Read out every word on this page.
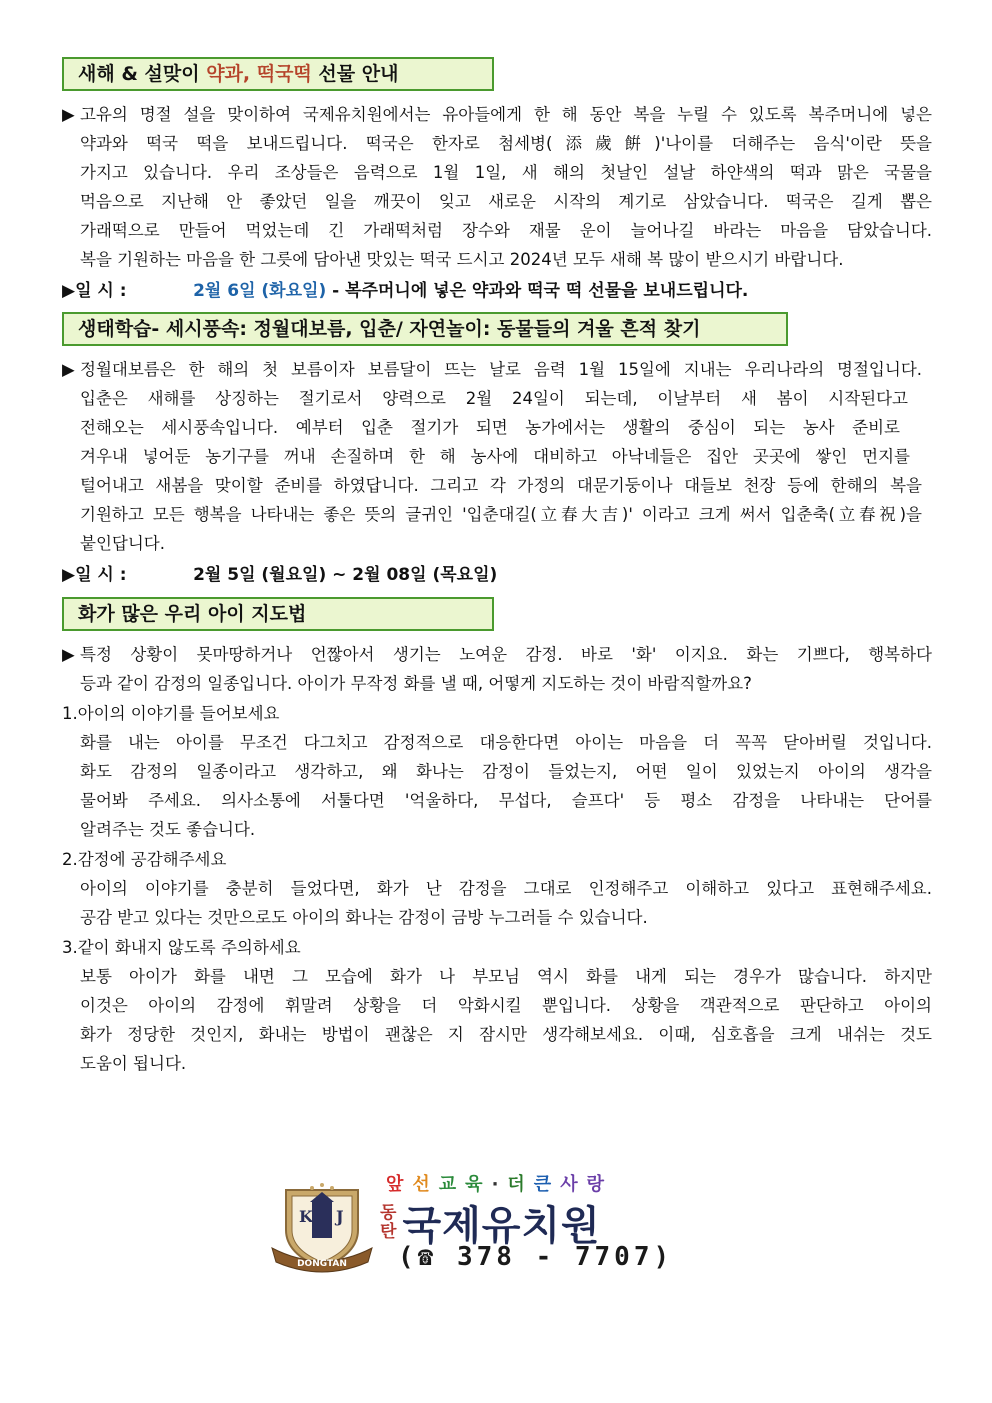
새해 & 설맞이 약과, 떡국떡 선물 안내
▶ 고유의 명절 설을 맞이하여 국제유치원에서는 유아들에게 한 해 동안 복을 누릴 수 있도록 복주머니에 넣은
약과와 떡국 떡을 보내드립니다. 떡국은 한자로 첨세병(添歲餠)'나이를 더해주는 음식'이란 뜻을
가지고 있습니다. 우리 조상들은 음력으로 1월 1일, 새 해의 첫날인 설날 하얀색의 떡과 맑은 국물을
먹음으로 지난해 안 좋았던 일을 깨끗이 잊고 새로운 시작의 계기로 삼았습니다. 떡국은 길게 뽑은
가래떡으로 만들어 먹었는데 긴 가래떡처럼 장수와 재물 운이 늘어나길 바라는 마음을 담았습니다.
복을 기원하는 마음을 한 그릇에 담아낸 맛있는 떡국 드시고 2024년 모두 새해 복 많이 받으시기 바랍니다.
▶일 시 :	2월 6일 (화요일) - 복주머니에 넣은 약과와 떡국 떡 선물을 보내드립니다.
생태학습- 세시풍속: 정월대보름, 입춘/ 자연놀이: 동물들의 겨울 흔적 찾기
▶ 정월대보름은 한 해의 첫 보름이자 보름달이 뜨는 날로 음력 1월 15일에 지내는 우리나라의 명절입니다.
입춘은 새해를 상징하는 절기로서 양력으로 2월 24일이 되는데, 이날부터 새 봄이 시작된다고
전해오는 세시풍속입니다. 예부터 입춘 절기가 되면 농가에서는 생활의 중심이 되는 농사 준비로
겨우내 넣어둔 농기구를 꺼내 손질하며 한 해 농사에 대비하고 아낙네들은 집안 곳곳에 쌓인 먼지를
털어내고 새봄을 맞이할 준비를 하였답니다. 그리고 각 가정의 대문기둥이나 대들보 천장 등에 한해의 복을
기원하고 모든 행복을 나타내는 좋은 뜻의 글귀인 '입춘대길(立春大吉)' 이라고 크게 써서 입춘축(立春祝)을
붙인답니다.
▶일 시 :	2월 5일 (월요일) ~ 2월 08일 (목요일)
화가 많은 우리 아이 지도법
▶ 특정 상황이 못마땅하거나 언짢아서 생기는 노여운 감정. 바로 '화' 이지요. 화는 기쁘다, 행복하다
등과 같이 감정의 일종입니다. 아이가 무작정 화를 낼 때, 어떻게 지도하는 것이 바람직할까요?
1.아이의 이야기를 들어보세요
화를 내는 아이를 무조건 다그치고 감정적으로 대응한다면 아이는 마음을 더 꼭꼭 닫아버릴 것입니다.
화도 감정의 일종이라고 생각하고, 왜 화나는 감정이 들었는지, 어떤 일이 있었는지 아이의 생각을
물어봐 주세요. 의사소통에 서툴다면 '억울하다, 무섭다, 슬프다' 등 평소 감정을 나타내는 단어를
알려주는 것도 좋습니다.
2.감정에 공감해주세요
아이의 이야기를 충분히 들었다면, 화가 난 감정을 그대로 인정해주고 이해하고 있다고 표현해주세요.
공감 받고 있다는 것만으로도 아이의 화나는 감정이 금방 누그러들 수 있습니다.
3.같이 화내지 않도록 주의하세요
보통 아이가 화를 내면 그 모습에 화가 나 부모님 역시 화를 내게 되는 경우가 많습니다. 하지만
이것은 아이의 감정에 휘말려 상황을 더 악화시킬 뿐입니다. 상황을 객관적으로 판단하고 아이의
화가 정당한 것인지, 화내는 방법이 괜찮은 지 잠시만 생각해보세요. 이때, 심호흡을 크게 내쉬는 것도
도움이 됩니다.
K J
DONGTAN
앞선교육·더큰사랑
동
탄 국제유치원
(☎ 378 - 7707)
